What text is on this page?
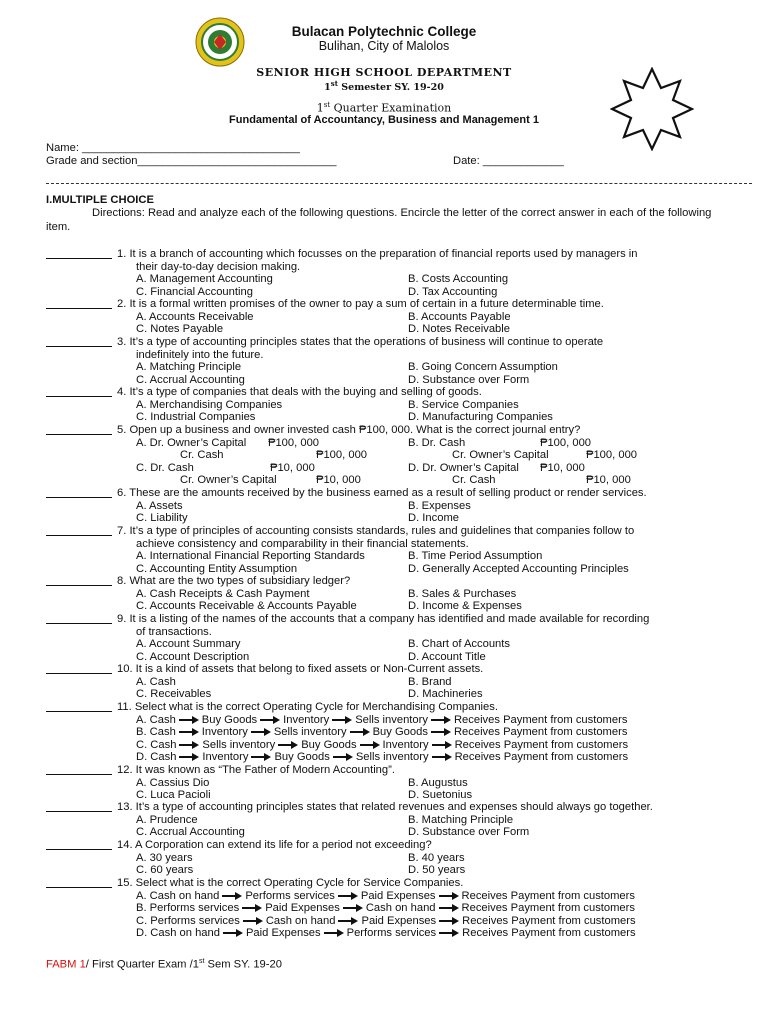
Bulacan Polytechnic College
Bulihan, City of Malolos
SENIOR HIGH SCHOOL DEPARTMENT
1st Semester SY. 19-20
1st Quarter Examination
Fundamental of Accountancy, Business and Management 1
Name: ___________________________________
Grade and section________________________________	Date: _____________
I.MULTIPLE CHOICE
Directions: Read and analyze each of the following questions. Encircle the letter of the correct answer in each of the following item.
1. It is a branch of accounting which focusses on the preparation of financial reports used by managers in
their day-to-day decision making.
A. Management Accounting	B. Costs Accounting
C. Financial Accounting	D. Tax Accounting
2. It is a formal written promises of the owner to pay a sum of certain in a future determinable time.
A. Accounts Receivable	B. Accounts Payable
C. Notes Payable	D. Notes Receivable
3. It’s a type of accounting principles states that the operations of business will continue to operate
indefinitely into the future.
A. Matching Principle	B. Going Concern Assumption
C. Accrual Accounting	D. Substance over Form
4. It’s a type of companies that deals with the buying and selling of goods.
A. Merchandising Companies	B. Service Companies
C. Industrial Companies	D. Manufacturing Companies
5. Open up a business and owner invested cash ₱100, 000. What is the correct journal entry?
A. Dr. Owner’s Capital ₱100, 000
Cr. Cash	₱100, 000
B. Dr. Cash	₱100, 000
Cr. Owner’s Capital	₱100, 000
C. Dr. Cash	₱10, 000
Cr. Owner’s Capital	₱10, 000
D. Dr. Owner’s Capital ₱10, 000
Cr. Cash	₱10, 000
6. These are the amounts received by the business earned as a result of selling product or render services.
A. Assets	B. Expenses
C. Liability	D. Income
7. It’s a type of principles of accounting consists standards, rules and guidelines that companies follow to
achieve consistency and comparability in their financial statements.
A. International Financial Reporting Standards	B. Time Period Assumption
C. Accounting Entity Assumption	D. Generally Accepted Accounting Principles
8. What are the two types of subsidiary ledger?
A. Cash Receipts & Cash Payment	B. Sales & Purchases
C. Accounts Receivable & Accounts Payable	D. Income & Expenses
9. It is a listing of the names of the accounts that a company has identified and made available for recording
of transactions.
A. Account Summary	B. Chart of Accounts
C. Account Description	D. Account Title
10. It is a kind of assets that belong to fixed assets or Non-Current assets.
A. Cash	B. Brand
C. Receivables	D. Machineries
11. Select what is the correct Operating Cycle for Merchandising Companies.
A. Cash Buy Goods Inventory Sells inventory Receives Payment from customers
B. Cash Inventory Sells inventory Buy Goods Receives Payment from customers
C. Cash Sells inventory Buy Goods Inventory Receives Payment from customers
D. Cash Inventory Buy Goods Sells inventory Receives Payment from customers
12. It was known as “The Father of Modern Accounting”.
A. Cassius Dio	B. Augustus
C. Luca Pacioli	D. Suetonius
13. It’s a type of accounting principles states that related revenues and expenses should always go together.
A. Prudence	B. Matching Principle
C. Accrual Accounting	D. Substance over Form
14. A Corporation can extend its life for a period not exceeding?
A. 30 years	B. 40 years
C. 60 years	D. 50 years
15. Select what is the correct Operating Cycle for Service Companies.
A. Cash on hand Performs services Paid Expenses Receives Payment from customers
B. Performs services Paid Expenses Cash on hand Receives Payment from customers
C. Performs services Cash on hand Paid Expenses Receives Payment from customers
D. Cash on hand Paid Expenses Performs services Receives Payment from customers
FABM 1/ First Quarter Exam /1st Sem SY. 19-20
